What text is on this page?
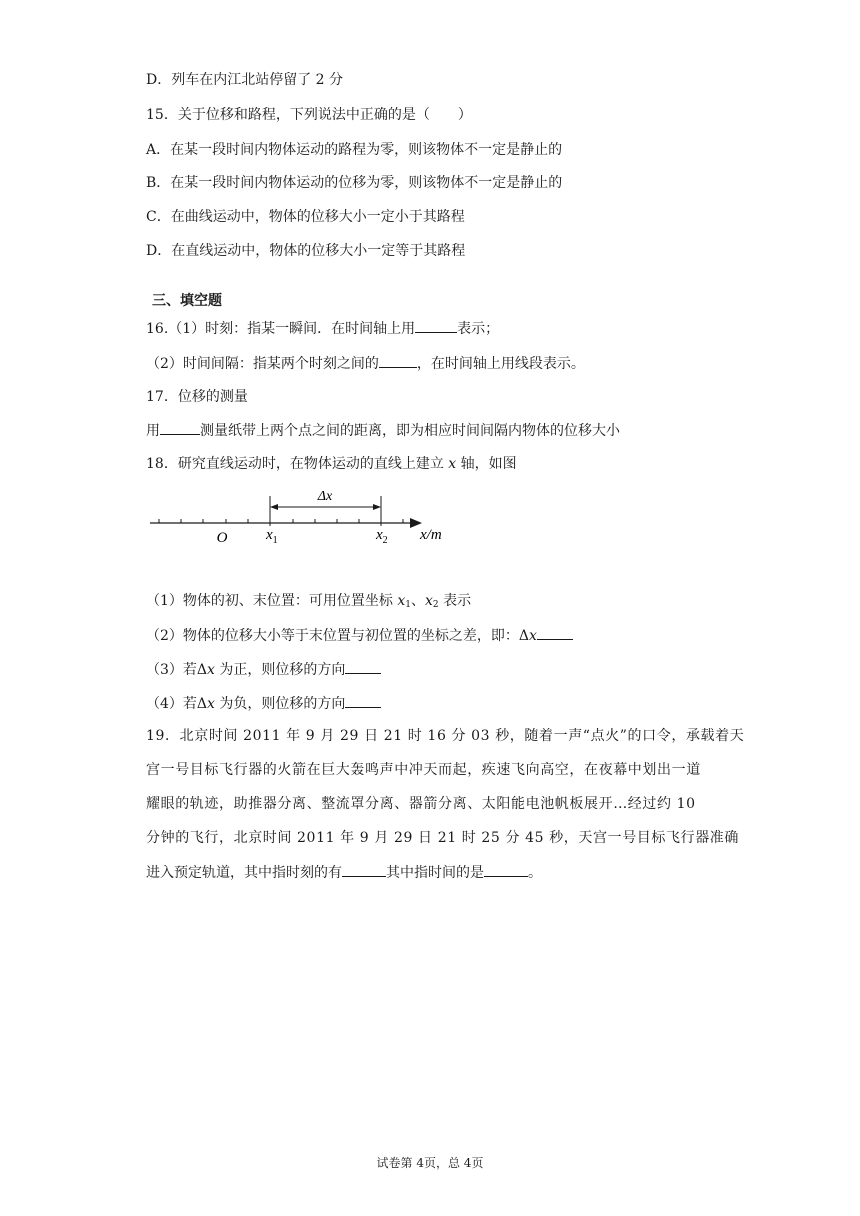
D．列车在内江北站停留了 2 分
15．关于位移和路程，下列说法中正确的是（　　）
A．在某一段时间内物体运动的路程为零，则该物体不一定是静止的
B．在某一段时间内物体运动的位移为零，则该物体不一定是静止的
C．在曲线运动中，物体的位移大小一定小于其路程
D．在直线运动中，物体的位移大小一定等于其路程
三、填空题
16.（1）时刻：指某一瞬间．在时间轴上用	表示；
（2）时间间隔：指某两个时刻之间的	，在时间轴上用线段表示。
17．位移的测量
用	测量纸带上两个点之间的距离，即为相应时间间隔内物体的位移大小
18．研究直线运动时，在物体运动的直线上建立 x 轴，如图
Δx
O	$x_1$	$x_2$ x/m
（1）物体的初、末位置：可用位置坐标 $x_1$、$x_2$ 表示
（2）物体的位移大小等于末位置与初位置的坐标之差，即：Δx
（3）若Δx 为正，则位移的方向
（4）若Δx 为负，则位移的方向
19．北京时间 2011 年 9 月 29 日 21 时 16 分 03 秒，随着一声“点火”的口令，承载着天
宫一号目标飞行器的火箭在巨大轰鸣声中冲天而起，疾速飞向高空，在夜幕中划出一道
耀眼的轨迹，助推器分离、整流罩分离、器箭分离、太阳能电池帆板展开…经过约 10
分钟的飞行，北京时间 2011 年 9 月 29 日 21 时 25 分 45 秒，天宫一号目标飞行器准确
进入预定轨道，其中指时刻的有	其中指时间的是	。
试卷第 4页，总 4页
